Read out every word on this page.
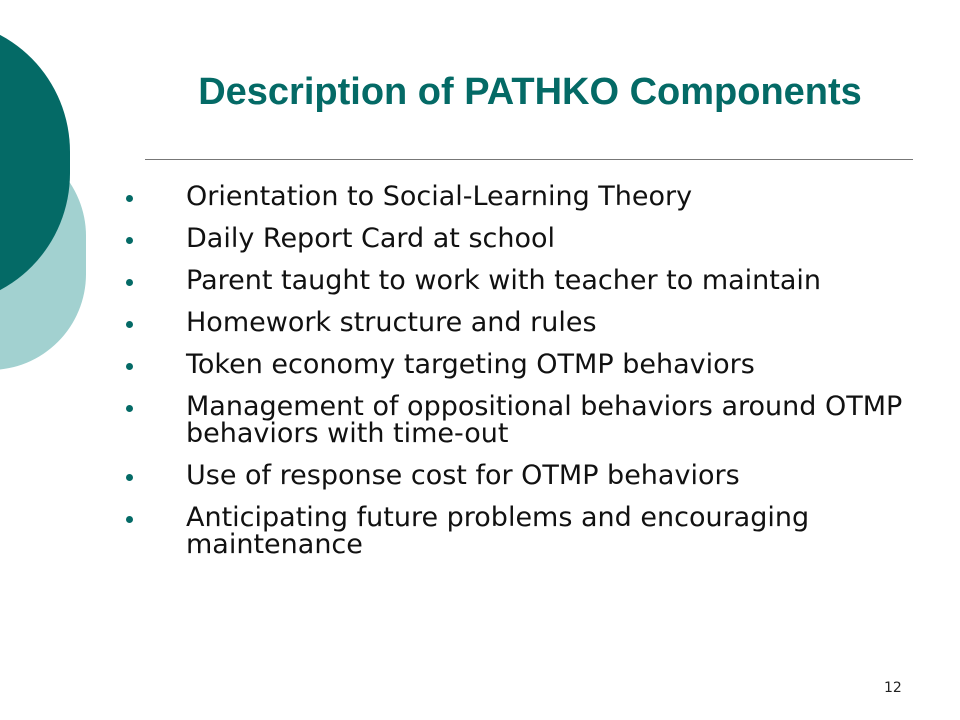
Description of PATHKO Components
Orientation to Social-Learning Theory
Daily Report Card at school
Parent taught to work with teacher to maintain
Homework structure and rules
Token economy targeting OTMP behaviors
Management of oppositional behaviors around OTMP behaviors with time-out
Use of response cost for OTMP behaviors
Anticipating future problems and encouraging maintenance
12
